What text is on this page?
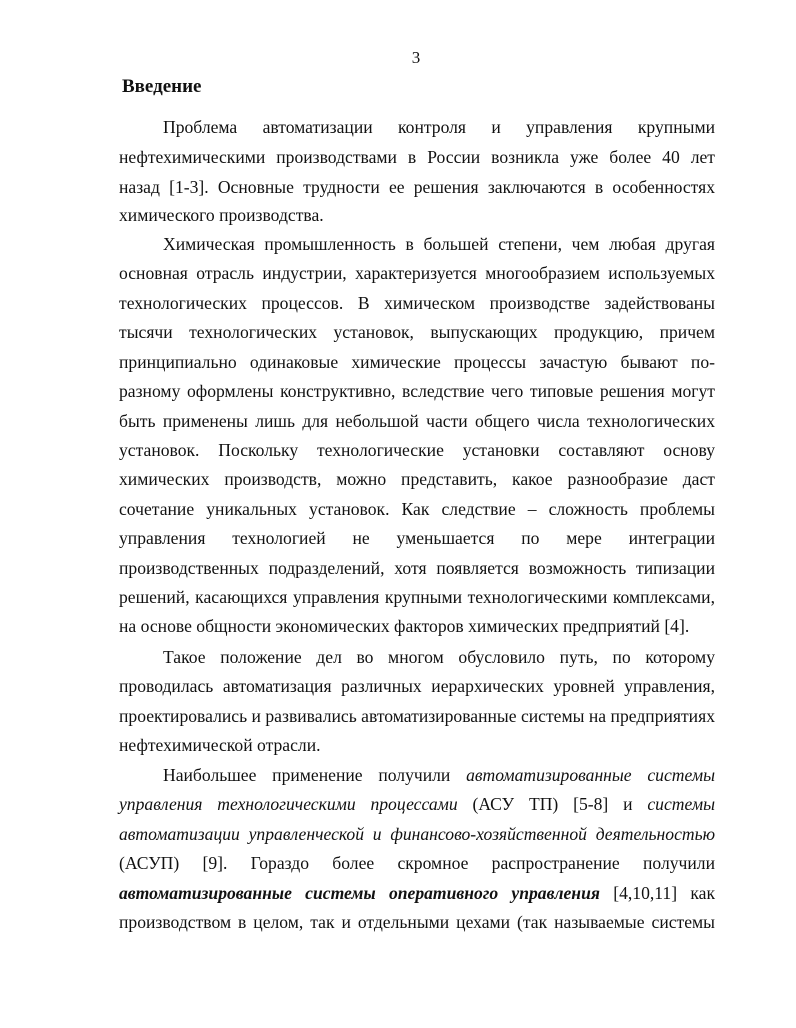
3
Введение
Проблема автоматизации контроля и управления крупными
нефтехимическими производствами в России возникла уже более 40 лет
назад [1-3]. Основные трудности ее решения заключаются в особенностях
химического производства.
Химическая промышленность в большей степени, чем любая другая
основная отрасль индустрии, характеризуется многообразием используемых
технологических процессов. В химическом производстве задействованы
тысячи технологических установок, выпускающих продукцию, причем
принципиально одинаковые химические процессы зачастую бывают по-
разному оформлены конструктивно, вследствие чего типовые решения могут
быть применены лишь для небольшой части общего числа технологических
установок. Поскольку технологические установки составляют основу
химических производств, можно представить, какое разнообразие даст
сочетание уникальных установок. Как следствие – сложность проблемы
управления технологией не уменьшается по мере интеграции
производственных подразделений, хотя появляется возможность типизации
решений, касающихся управления крупными технологическими комплексами,
на основе общности экономических факторов химических предприятий [4].
Такое положение дел во многом обусловило путь, по которому
проводилась автоматизация различных иерархических уровней управления,
проектировались и развивались автоматизированные системы на предприятиях
нефтехимической отрасли.
Наибольшее применение получили автоматизированные системы
управления технологическими процессами (АСУ ТП) [5-8] и системы
автоматизации управленческой и финансово-хозяйственной деятельностью
(АСУП) [9]. Гораздо более скромное распространение получили
автоматизированные системы оперативного управления [4,10,11] как
производством в целом, так и отдельными цехами (так называемые системы
